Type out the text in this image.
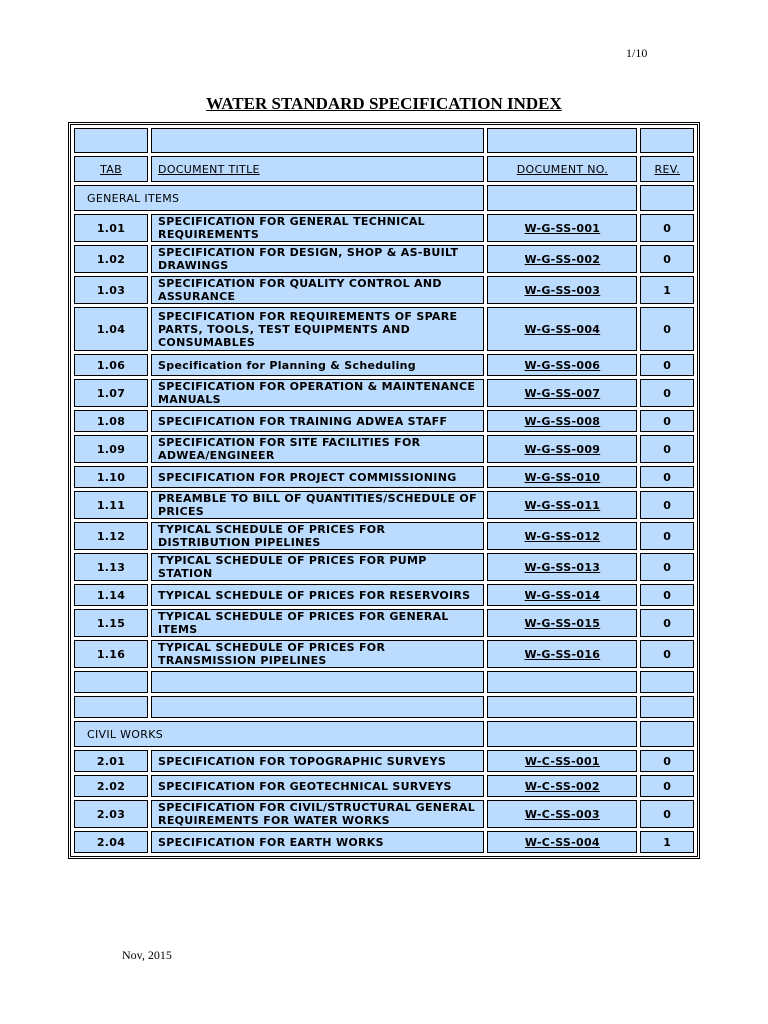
1/10
WATER STANDARD SPECIFICATION INDEX

TAB	DOCUMENT TITLE	DOCUMENT NO.	REV.
GENERAL ITEMS			
1.01	SPECIFICATION FOR GENERAL TECHNICAL REQUIREMENTS	W-G-SS-001	0
1.02	SPECIFICATION FOR DESIGN, SHOP & AS-BUILT DRAWINGS	W-G-SS-002	0
1.03	SPECIFICATION FOR QUALITY CONTROL AND ASSURANCE	W-G-SS-003	1
1.04	SPECIFICATION FOR REQUIREMENTS OF SPARE PARTS, TOOLS, TEST EQUIPMENTS AND CONSUMABLES	W-G-SS-004	0
1.06	Specification for Planning & Scheduling	W-G-SS-006	0
1.07	SPECIFICATION FOR OPERATION & MAINTENANCE MANUALS	W-G-SS-007	0
1.08	SPECIFICATION FOR TRAINING ADWEA STAFF	W-G-SS-008	0
1.09	SPECIFICATION FOR SITE FACILITIES FOR ADWEA/ENGINEER	W-G-SS-009	0
1.10	SPECIFICATION FOR PROJECT COMMISSIONING	W-G-SS-010	0
1.11	PREAMBLE TO BILL OF QUANTITIES/SCHEDULE OF PRICES	W-G-SS-011	0
1.12	TYPICAL SCHEDULE OF PRICES FOR DISTRIBUTION PIPELINES	W-G-SS-012	0
1.13	TYPICAL SCHEDULE OF PRICES FOR PUMP STATION	W-G-SS-013	0
1.14	TYPICAL SCHEDULE OF PRICES FOR RESERVOIRS	W-G-SS-014	0
1.15	TYPICAL SCHEDULE OF PRICES FOR GENERAL ITEMS	W-G-SS-015	0
1.16	TYPICAL SCHEDULE OF PRICES FOR TRANSMISSION PIPELINES	W-G-SS-016	0

CIVIL WORKS			
2.01	SPECIFICATION FOR TOPOGRAPHIC SURVEYS	W-C-SS-001	0
2.02	SPECIFICATION FOR GEOTECHNICAL SURVEYS	W-C-SS-002	0
2.03	SPECIFICATION FOR CIVIL/STRUCTURAL GENERAL REQUIREMENTS FOR WATER WORKS	W-C-SS-003	0
2.04	SPECIFICATION FOR EARTH WORKS	W-C-SS-004	1
Nov, 2015
